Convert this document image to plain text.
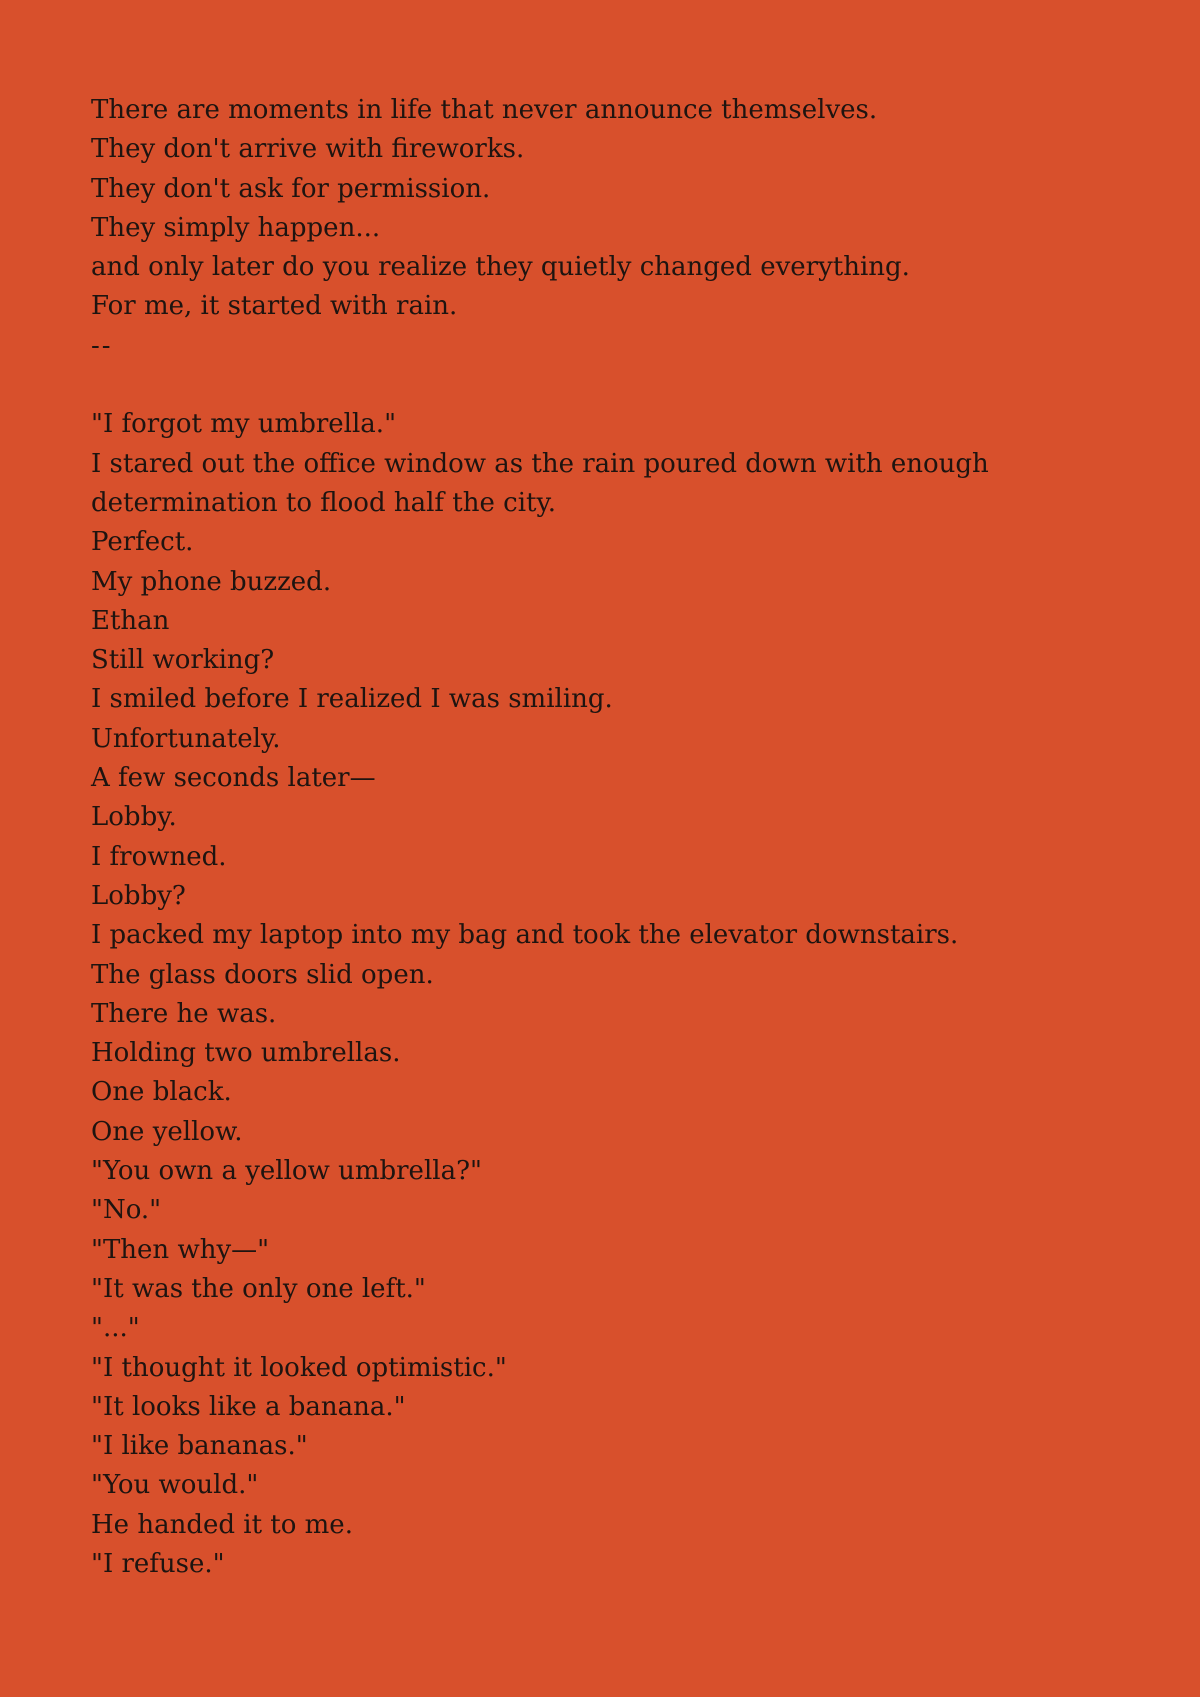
There are moments in life that never announce themselves.
They don't arrive with fireworks.
They don't ask for permission.
They simply happen...
and only later do you realize they quietly changed everything.
For me, it started with rain.
--
"I forgot my umbrella."
I stared out the office window as the rain poured down with enough determination to flood half the city.
Perfect.
My phone buzzed.
Ethan
Still working?
I smiled before I realized I was smiling.
Unfortunately.
A few seconds later—
Lobby.
I frowned.
Lobby?
I packed my laptop into my bag and took the elevator downstairs.
The glass doors slid open.
There he was.
Holding two umbrellas.
One black.
One yellow.
"You own a yellow umbrella?"
"No."
"Then why—"
"It was the only one left."
"..."
"I thought it looked optimistic."
"It looks like a banana."
"I like bananas."
"You would."
He handed it to me.
"I refuse."
